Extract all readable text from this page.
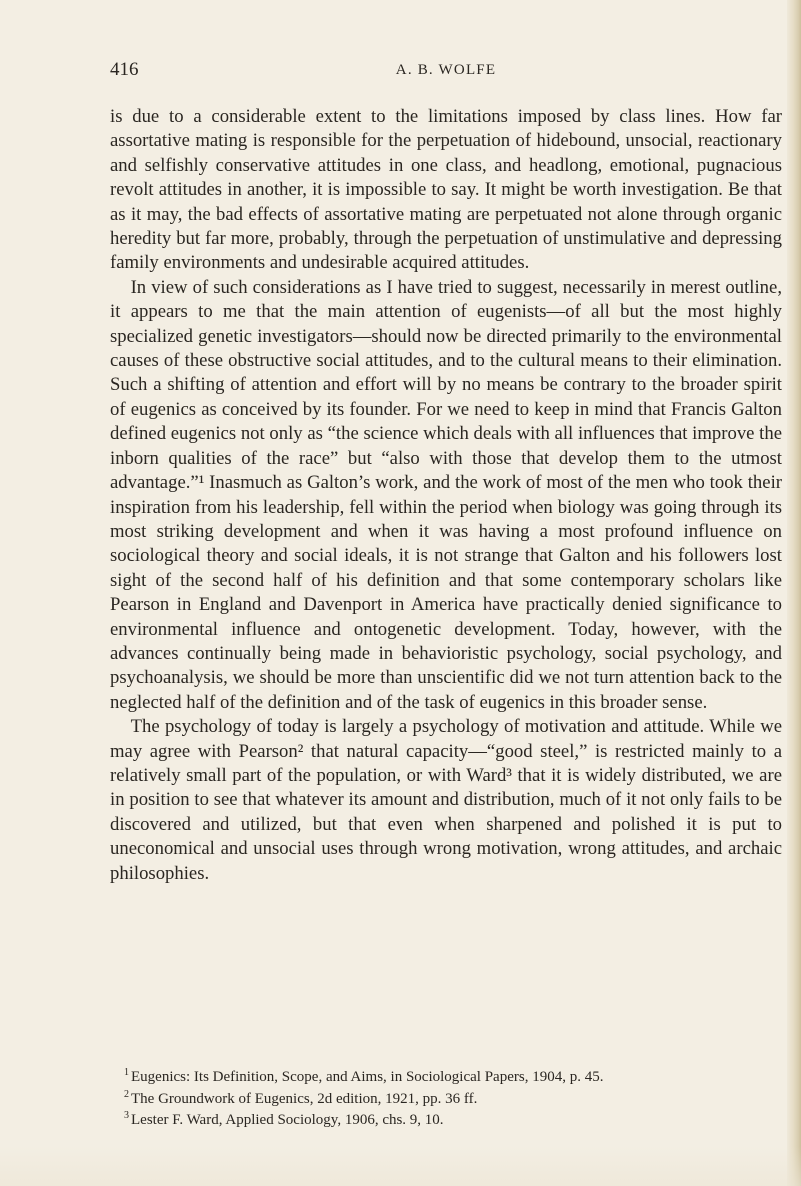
416	A. B. WOLFE

is due to a considerable extent to the limitations imposed by class lines. How far assortative mating is responsible for the perpetuation of hidebound, unsocial, reactionary and selfishly conservative attitudes in one class, and headlong, emotional, pugnacious revolt attitudes in another, it is impossible to say. It might be worth investigation. Be that as it may, the bad effects of assortative mating are perpetuated not alone through organic heredity but far more, probably, through the perpetuation of unstimulative and depressing family environments and undesirable acquired attitudes.

In view of such considerations as I have tried to suggest, necessarily in merest outline, it appears to me that the main attention of eugenists—of all but the most highly specialized genetic investigators—should now be directed primarily to the environmental causes of these obstructive social attitudes, and to the cultural means to their elimination. Such a shifting of attention and effort will by no means be contrary to the broader spirit of eugenics as conceived by its founder. For we need to keep in mind that Francis Galton defined eugenics not only as “the science which deals with all influences that improve the inborn qualities of the race” but “also with those that develop them to the utmost advantage.”¹ Inasmuch as Galton’s work, and the work of most of the men who took their inspiration from his leadership, fell within the period when biology was going through its most striking development and when it was having a most profound influence on sociological theory and social ideals, it is not strange that Galton and his followers lost sight of the second half of his definition and that some contemporary scholars like Pearson in England and Davenport in America have practically denied significance to environmental influence and ontogenetic development. Today, however, with the advances continually being made in behavioristic psychology, social psychology, and psychoanalysis, we should be more than unscientific did we not turn attention back to the neglected half of the definition and of the task of eugenics in this broader sense.

The psychology of today is largely a psychology of motivation and attitude. While we may agree with Pearson² that natural capacity—“good steel,” is restricted mainly to a relatively small part of the population, or with Ward³ that it is widely distributed, we are in position to see that whatever its amount and distribution, much of it not only fails to be discovered and utilized, but that even when sharpened and polished it is put to uneconomical and unsocial uses through wrong motivation, wrong attitudes, and archaic philosophies.

$^1$ Eugenics: Its Definition, Scope, and Aims, in Sociological Papers, 1904, p. 45.

$^2$ The Groundwork of Eugenics, 2d edition, 1921, pp. 36 ff.

$^3$ Lester F. Ward, Applied Sociology, 1906, chs. 9, 10.
